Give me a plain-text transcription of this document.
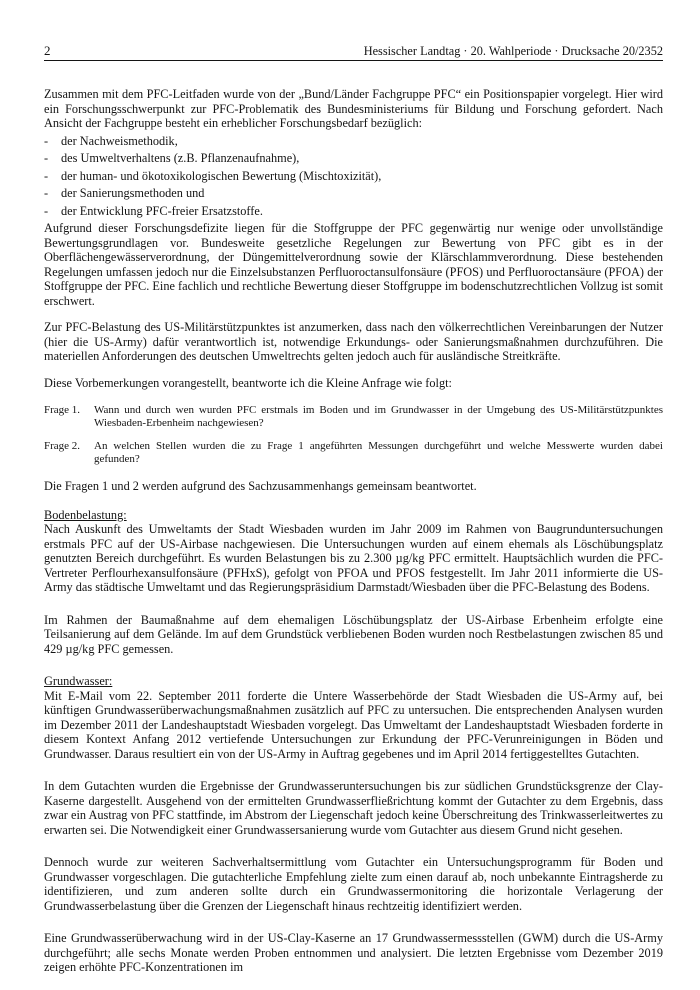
2	Hessischer Landtag · 20. Wahlperiode · Drucksache 20/2352

Zusammen mit dem PFC-Leitfaden wurde von der „Bund/Länder Fachgruppe PFC“ ein Positionspapier vorgelegt. Hier wird ein Forschungsschwerpunkt zur PFC-Problematik des Bundesministeriums für Bildung und Forschung gefordert. Nach Ansicht der Fachgruppe besteht ein erheblicher Forschungsbedarf bezüglich:

-	der Nachweismethodik,
-	des Umweltverhaltens (z.B. Pflanzenaufnahme),
-	der human- und ökotoxikologischen Bewertung (Mischtoxizität),
-	der Sanierungsmethoden und
-	der Entwicklung PFC-freier Ersatzstoffe.

Aufgrund dieser Forschungsdefizite liegen für die Stoffgruppe der PFC gegenwärtig nur wenige oder unvollständige Bewertungsgrundlagen vor. Bundesweite gesetzliche Regelungen zur Bewertung von PFC gibt es in der Oberflächengewässerverordnung, der Düngemittelverordnung sowie der Klärschlammverordnung. Diese bestehenden Regelungen umfassen jedoch nur die Einzelsubstanzen Perfluoroctansulfonsäure (PFOS) und Perfluoroctansäure (PFOA) der Stoffgruppe der PFC. Eine fachlich und rechtliche Bewertung dieser Stoffgruppe im bodenschutzrechtlichen Vollzug ist somit erschwert.

Zur PFC-Belastung des US-Militärstützpunktes ist anzumerken, dass nach den völkerrechtlichen Vereinbarungen der Nutzer (hier die US-Army) dafür verantwortlich ist, notwendige Erkundungs- oder Sanierungsmaßnahmen durchzuführen. Die materiellen Anforderungen des deutschen Umweltrechts gelten jedoch auch für ausländische Streitkräfte.

Diese Vorbemerkungen vorangestellt, beantworte ich die Kleine Anfrage wie folgt:

Frage 1.	Wann und durch wen wurden PFC erstmals im Boden und im Grundwasser in der Umgebung des US-Militärstützpunktes Wiesbaden-Erbenheim nachgewiesen?
Frage 2.	An welchen Stellen wurden die zu Frage 1 angeführten Messungen durchgeführt und welche Messwerte wurden dabei gefunden?

Die Fragen 1 und 2 werden aufgrund des Sachzusammenhangs gemeinsam beantwortet.

Bodenbelastung:

Nach Auskunft des Umweltamts der Stadt Wiesbaden wurden im Jahr 2009 im Rahmen von Baugrunduntersuchungen erstmals PFC auf der US-Airbase nachgewiesen. Die Untersuchungen wurden auf einem ehemals als Löschübungsplatz genutzten Bereich durchgeführt. Es wurden Belastungen bis zu 2.300 µg/kg PFC ermittelt. Hauptsächlich wurden die PFC-Vertreter Perflourhexansulfonsäure (PFHxS), gefolgt von PFOA und PFOS festgestellt. Im Jahr 2011 informierte die US-Army das städtische Umweltamt und das Regierungspräsidium Darmstadt/Wiesbaden über die PFC-Belastung des Bodens.

Im Rahmen der Baumaßnahme auf dem ehemaligen Löschübungsplatz der US-Airbase Erbenheim erfolgte eine Teilsanierung auf dem Gelände. Im auf dem Grundstück verbliebenen Boden wurden noch Restbelastungen zwischen 85 und 429 µg/kg PFC gemessen.

Grundwasser:

Mit E-Mail vom 22. September 2011 forderte die Untere Wasserbehörde der Stadt Wiesbaden die US-Army auf, bei künftigen Grundwasserüberwachungsmaßnahmen zusätzlich auf PFC zu untersuchen. Die entsprechenden Analysen wurden im Dezember 2011 der Landeshauptstadt Wiesbaden vorgelegt. Das Umweltamt der Landeshauptstadt Wiesbaden forderte in diesem Kontext Anfang 2012 vertiefende Untersuchungen zur Erkundung der PFC-Verunreinigungen in Böden und Grundwasser. Daraus resultiert ein von der US-Army in Auftrag gegebenes und im April 2014 fertiggestelltes Gutachten.

In dem Gutachten wurden die Ergebnisse der Grundwasseruntersuchungen bis zur südlichen Grundstücksgrenze der Clay-Kaserne dargestellt. Ausgehend von der ermittelten Grundwasserfließrichtung kommt der Gutachter zu dem Ergebnis, dass zwar ein Austrag von PFC stattfinde, im Abstrom der Liegenschaft jedoch keine Überschreitung des Trinkwasserleitwertes zu erwarten sei. Die Notwendigkeit einer Grundwassersanierung wurde vom Gutachter aus diesem Grund nicht gesehen.

Dennoch wurde zur weiteren Sachverhaltsermittlung vom Gutachter ein Untersuchungsprogramm für Boden und Grundwasser vorgeschlagen. Die gutachterliche Empfehlung zielte zum einen darauf ab, noch unbekannte Eintragsherde zu identifizieren, und zum anderen sollte durch ein Grundwassermonitoring die horizontale Verlagerung der Grundwasserbelastung über die Grenzen der Liegenschaft hinaus rechtzeitig identifiziert werden.

Eine Grundwasserüberwachung wird in der US-Clay-Kaserne an 17 Grundwassermessstellen (GWM) durch die US-Army durchgeführt; alle sechs Monate werden Proben entnommen und analysiert. Die letzten Ergebnisse vom Dezember 2019 zeigen erhöhte PFC-Konzentrationen im
